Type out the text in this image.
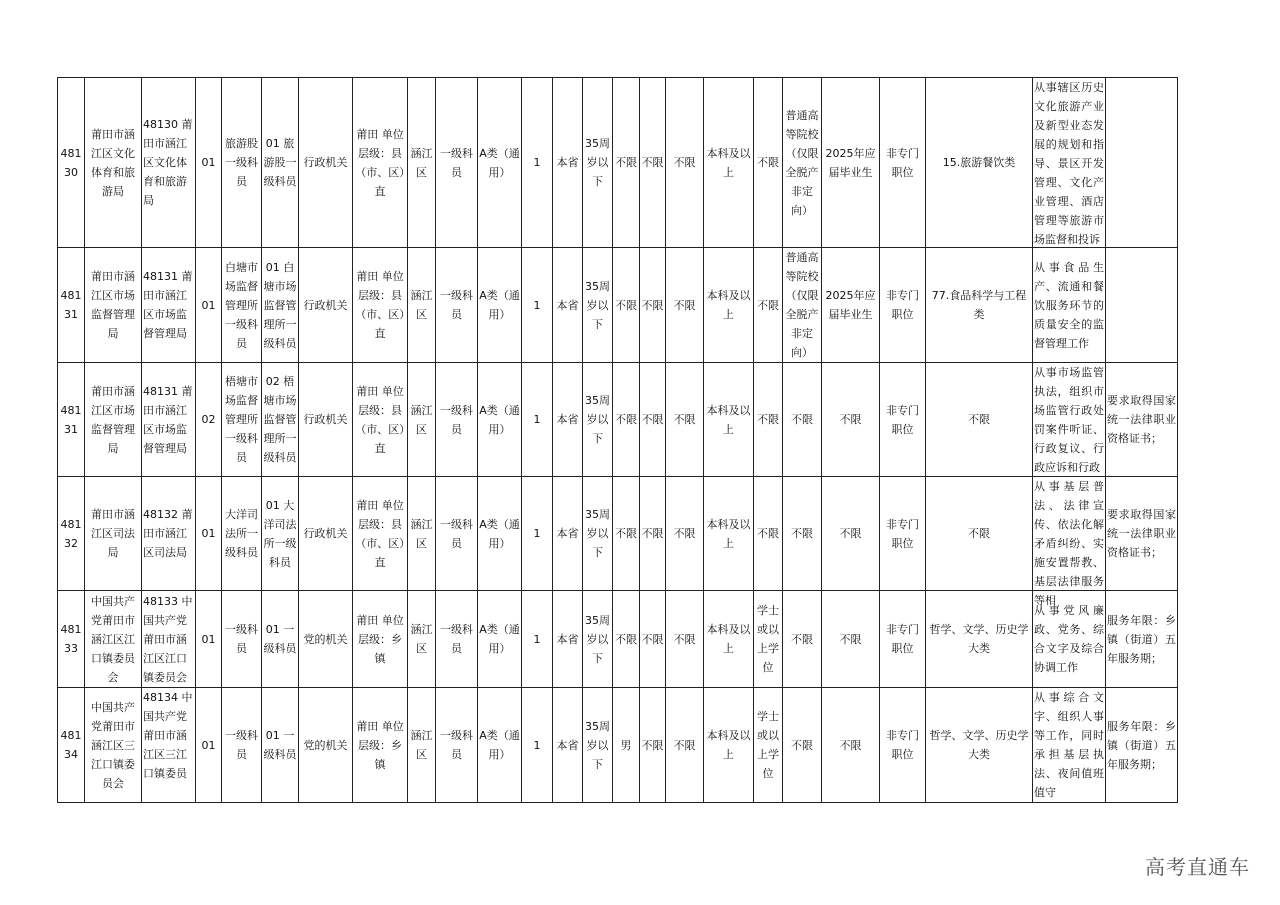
48130	莆田市涵江区文化体育和旅游局	48130 莆田市涵江区文化体育和旅游局	01	旅游股一级科员	01 旅游股一级科员	行政机关	莆田 单位层级：县（市、区）直	涵江区	一级科员	A类（通用）	1	本省	35周岁以下	不限	不限	不限	本科及以上	不限	普通高等院校（仅限全脱产非定向）	2025年应届毕业生	非专门职位	15.旅游餐饮类	从事辖区历史文化旅游产业及新型业态发展的规划和指导、景区开发管理、文化产业管理、酒店管理等旅游市场监督和投诉	

48131	莆田市涵江区市场监督管理局	48131 莆田市涵江区市场监督管理局	01	白塘市场监督管理所一级科员	01 白塘市场监督管理所一级科员	行政机关	莆田 单位层级：县（市、区）直	涵江区	一级科员	A类（通用）	1	本省	35周岁以下	不限	不限	不限	本科及以上	不限	普通高等院校（仅限全脱产非定向）	2025年应届毕业生	非专门职位	77.食品科学与工程类	从事食品生产、流通和餐饮服务环节的质量安全的监督管理工作	
48131	莆田市涵江区市场监督管理局	48131 莆田市涵江区市场监督管理局	02	梧塘市场监督管理所一级科员	02 梧塘市场监督管理所一级科员	行政机关	莆田 单位层级：县（市、区）直	涵江区	一级科员	A类（通用）	1	本省	35周岁以下	不限	不限	不限	本科及以上	不限	不限	不限	非专门职位	不限	从事市场监管执法，组织市场监管行政处罚案件听证、行政复议、行政应诉和行政	要求取得国家统一法律职业资格证书；
48132	莆田市涵江区司法局	48132 莆田市涵江区司法局	01	大洋司法所一级科员	01 大洋司法所一级科员	行政机关	莆田 单位层级：县（市、区）直	涵江区	一级科员	A类（通用）	1	本省	35周岁以下	不限	不限	不限	本科及以上	不限	不限	不限	非专门职位	不限	从事基层普法、法律宣传、依法化解矛盾纠纷、实施安置帮教、基层法律服务等相	要求取得国家统一法律职业资格证书；
48133	中国共产党莆田市涵江区江口镇委员会	48133 中国共产党莆田市涵江区江口镇委员会	01	一级科员	01 一级科员	党的机关	莆田 单位层级：乡镇	涵江区	一级科员	A类（通用）	1	本省	35周岁以下	不限	不限	不限	本科及以上	学士或以上学位	不限	不限	非专门职位	哲学、文学、历史学大类	从事党风廉政、党务、综合文字及综合协调工作	服务年限：乡镇（街道）五年服务期；
48134	中国共产党莆田市涵江区三江口镇委员会	48134 中国共产党莆田市涵江区三江口镇委员	01	一级科员	01 一级科员	党的机关	莆田 单位层级：乡镇	涵江区	一级科员	A类（通用）	1	本省	35周岁以下	男	不限	不限	本科及以上	学士或以上学位	不限	不限	非专门职位	哲学、文学、历史学大类	从事综合文字、组织人事等工作，同时承担基层执法、夜间值班值守	服务年限：乡镇（街道）五年服务期；
高考直通车
